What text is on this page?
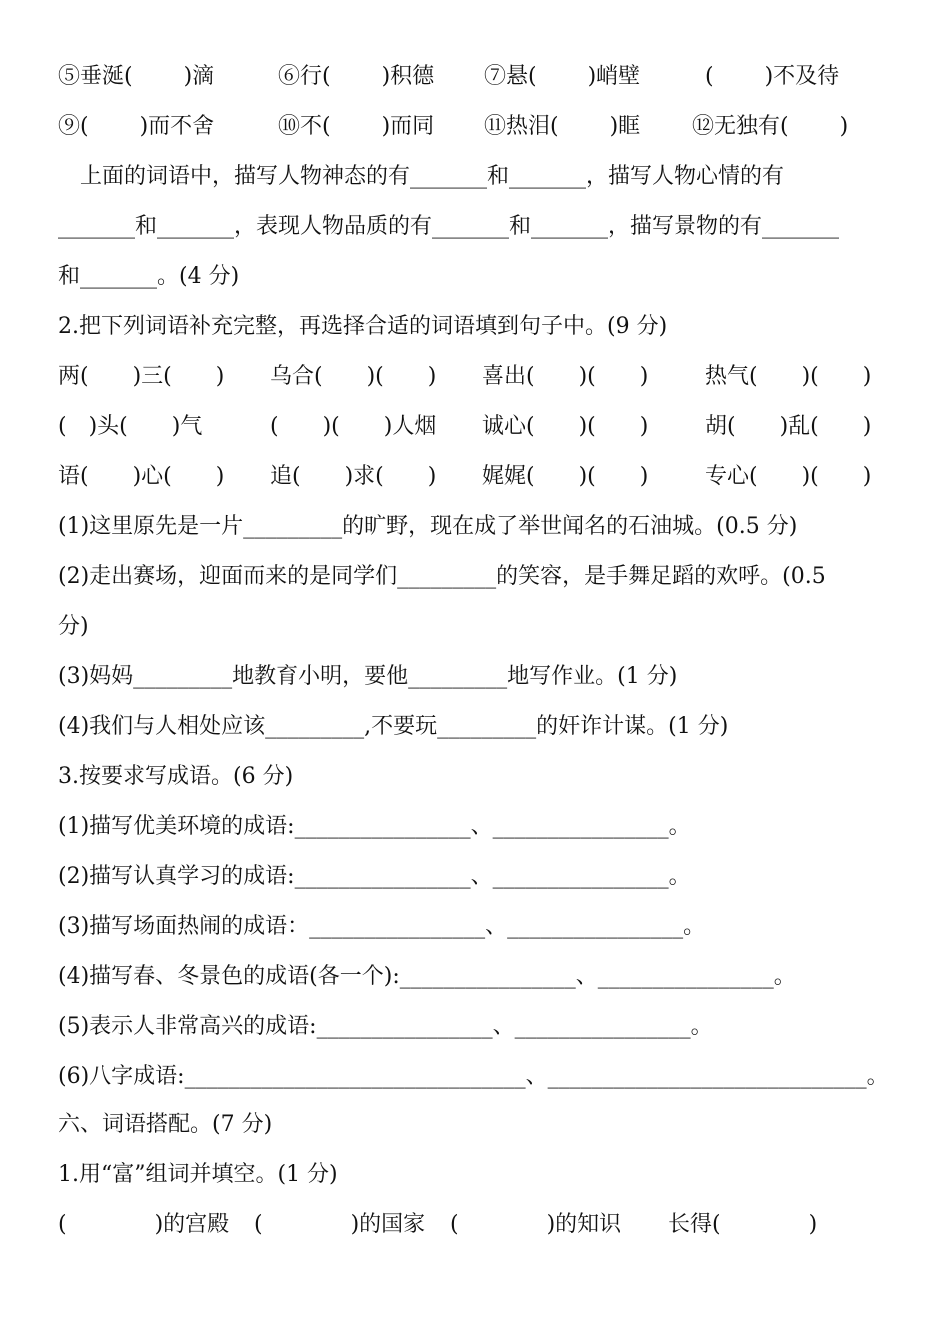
⑤垂涎(　　 )滴	⑥行(　　 )积德 ⑦悬(　　 )峭壁	(　　 )不及待
⑨(　　 )而不舍	⑩不(　　 )而同 ⑪热泪(　　 )眶 ⑫无独有(　　 )
　上面的词语中，描写人物神态的有_______和_______，描写人物心情的有
_______和_______，表现人物品质的有_______和_______，描写景物的有_______
和_______。(4 分)
2.把下列词语补充完整，再选择合适的词语填到句子中。(9 分)
两(　　)三(　　) 乌合(　　)(　　) 喜出(　　)(　　)	热气(　　)(　　)
(　)头(　　)气	(　　)(　　)人烟 诚心(　　)(　　)	胡(　　)乱(　　)
语(　　)心(　　) 追(　　)求(　　) 娓娓(　　)(　　)	专心(　　)(　　)
(1)这里原先是一片_________的旷野，现在成了举世闻名的石油城。(0.5 分)
(2)走出赛场，迎面而来的是同学们_________的笑容，是手舞足蹈的欢呼。(0.5
分)
(3)妈妈_________地教育小明，要他_________地写作业。(1 分)
(4)我们与人相处应该_________,不要玩_________的奸诈计谋。(1 分)
3.按要求写成语。(6 分)
(1)描写优美环境的成语:________________、________________。
(2)描写认真学习的成语:________________、________________。
(3)描写场面热闹的成语：________________、________________。
(4)描写春、冬景色的成语(各一个):________________、________________。
(5)表示人非常高兴的成语:________________、________________。
(6)八字成语:_______________________________、_____________________________。
六、词语搭配。(7 分)
1.用“富”组词并填空。(1 分)
(　　　　)的宫殿 (　　　　)的国家 (　　　　)的知识 长得(　　　　)
